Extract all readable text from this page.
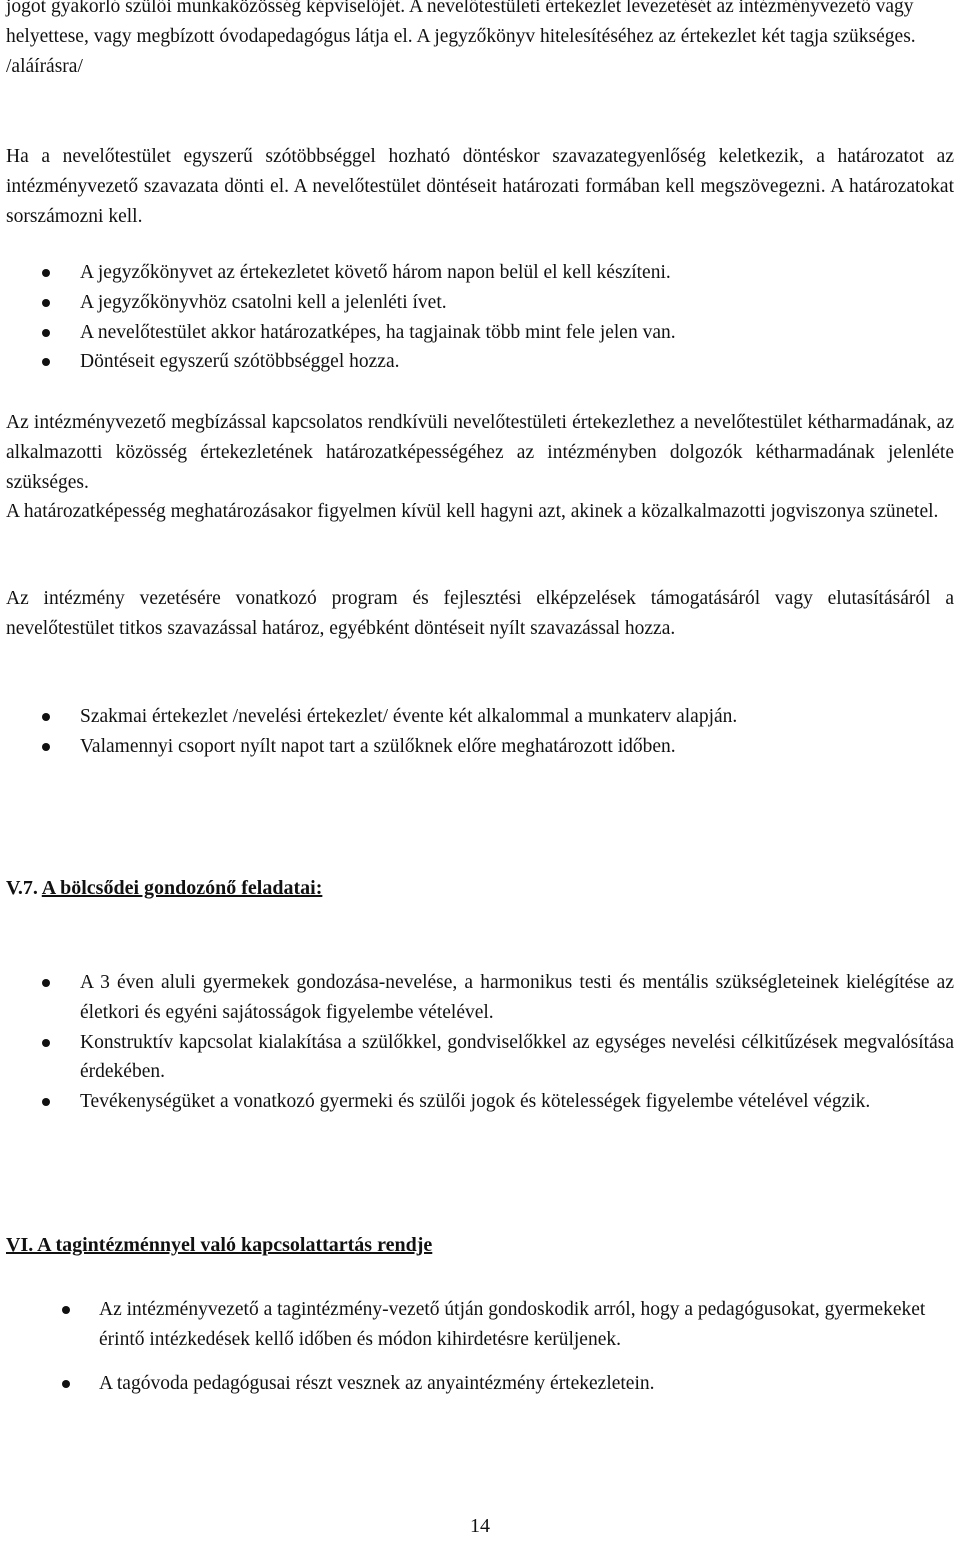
jogot gyakorló szülői munkaközösség képviselőjét. A nevelőtestületi értekezlet levezetését az intézményvezető vagy helyettese, vagy megbízott óvodapedagógus látja el. A jegyzőkönyv hitelesítéséhez az értekezlet két tagja szükséges. /aláírásra/

Ha a nevelőtestület egyszerű szótöbbséggel hozható döntéskor szavazategyenlőség keletkezik, a határozatot az intézményvezető szavazata dönti el. A nevelőtestület döntéseit határozati formában kell megszövegezni. A határozatokat sorszámozni kell.

A jegyzőkönyvet az értekezletet követő három napon belül el kell készíteni.
A jegyzőkönyvhöz csatolni kell a jelenléti ívet.
A nevelőtestület akkor határozatképes, ha tagjainak több mint fele jelen van.
Döntéseit egyszerű szótöbbséggel hozza.

Az intézményvezető megbízással kapcsolatos rendkívüli nevelőtestületi értekezlethez a nevelőtestület kétharmadának, az alkalmazotti közösség értekezletének határozatképességéhez az intézményben dolgozók kétharmadának jelenléte szükséges.

A határozatképesség meghatározásakor figyelmen kívül kell hagyni azt, akinek a közalkalmazotti jogviszonya szünetel.

Az intézmény vezetésére vonatkozó program és fejlesztési elképzelések támogatásáról vagy elutasításáról a nevelőtestület titkos szavazással határoz, egyébként döntéseit nyílt szavazással hozza.

Szakmai értekezlet /nevelési értekezlet/ évente két alkalommal a munkaterv alapján.
Valamennyi csoport nyílt napot tart a szülőknek előre meghatározott időben.
V.7. A bölcsődei gondozónő feladatai:
A 3 éven aluli gyermekek gondozása-nevelése, a harmonikus testi és mentális szükségleteinek kielégítése az életkori és egyéni sajátosságok figyelembe vételével.
Konstruktív kapcsolat kialakítása a szülőkkel, gondviselőkkel az egységes nevelési célkitűzések megvalósítása érdekében.
Tevékenységüket a vonatkozó gyermeki és szülői jogok és kötelességek figyelembe vételével végzik.
VI. A tagintézménnyel való kapcsolattartás rendje
Az intézményvezető a tagintézmény-vezető útján gondoskodik arról, hogy a pedagógusokat, gyermekeket érintő intézkedések kellő időben és módon kihirdetésre kerüljenek.
A tagóvoda pedagógusai részt vesznek az anyaintézmény értekezletein.
14
